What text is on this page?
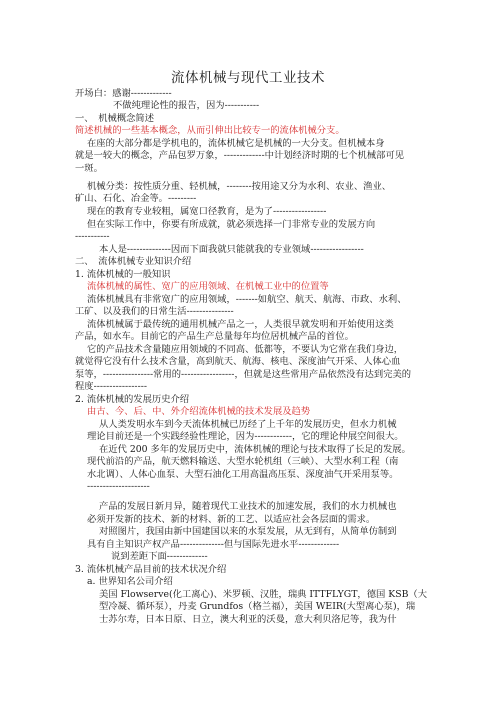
流体机械与现代工业技术
开场白：感谢-------------
不做纯理论性的报告，因为-----------
一、　机械概念简述
简述机械的一些基本概念，从而引伸出比较专一的流体机械分支。
在座的大部分都是学机电的，流体机械它是机械的一大分支。但机械本身
就是一较大的概念，产品包罗万象，-------------中计划经济时期的七个机械部可见
一斑。
机械分类：按性质分重、轻机械，--------按用途又分为水利、农业、渔业、
矿山、石化、冶金等。---------
现在的教育专业较粗，属宽口径教育，是为了-----------------
但在实际工作中，你要有所成就，就必须选择一门非常专业的发展方向
-----------
本人是--------------因而下面我就只能就我的专业领域-----------------
二、　流体机械专业知识介绍
1. 流体机械的一般知识
流体机械的属性、宽广的应用领域、在机械工业中的位置等
流体机械具有非常宽广的应用领域，-------如航空、航天、航海、市政、水利、
工矿、以及我们的日常生活---------------
流体机械属于最传统的通用机械产品之一，人类很早就发明和开始使用这类
产品，如水车。目前它的产品生产总量每年均位居机械产品的首位。
它的产品技术含量随应用领域的不同高、低都等，不要认为它常在我们身边，
就觉得它没有什么技术含量，高到航天、航海、核电、深度油气开采、人体心血
泵等，----------------常用的-----------------，但就是这些常用产品依然没有达到完美的
程度-----------------
2. 流体机械的发展历史介绍
由古、今、后、中、外介绍流体机械的技术发展及趋势
从人类发明水车到今天流体机械已历经了上千年的发展历史，但水力机械
理论目前还是一个实践经验性理论，因为------------，它的理论仲展空间很大。
在近代 200 多年的发展历史中，流体机械的理论与技术取得了长足的发展。
现代前沿的产品，航天燃料输送、大型水轮机组（三峡）、大型水利工程（南
水北调）、人体心血泵、大型石油化工用高温高压泵、深度油气开采用泵等。
--------------------
产品的发展日新月异，随着现代工业技术的加速发展，我们的水力机械也
必须开发新的技术、新的材料、新的工艺、以适应社会各层面的需求。
对照图片，我国由新中国建国以来的水泵发展，从无到有，从简单仿制到
具有自主知识产权产品--------------但与国际先进水平-------------
说到差距下面-------------
3. 流体机械产品目前的技术状况介绍
a. 世界知名公司介绍
美国 Flowserve(化工离心)、米罗顿、汉胜，瑞典 ITTFLYGT，德国 KSB（大
型冷凝、循环泵），丹麦 Grundfos（格兰福），美国 WEIR(大型离心泵)，瑞
士苏尔寿，日本日原、日立，澳大利亚的沃曼，意大利贝洛尼等，我为什
